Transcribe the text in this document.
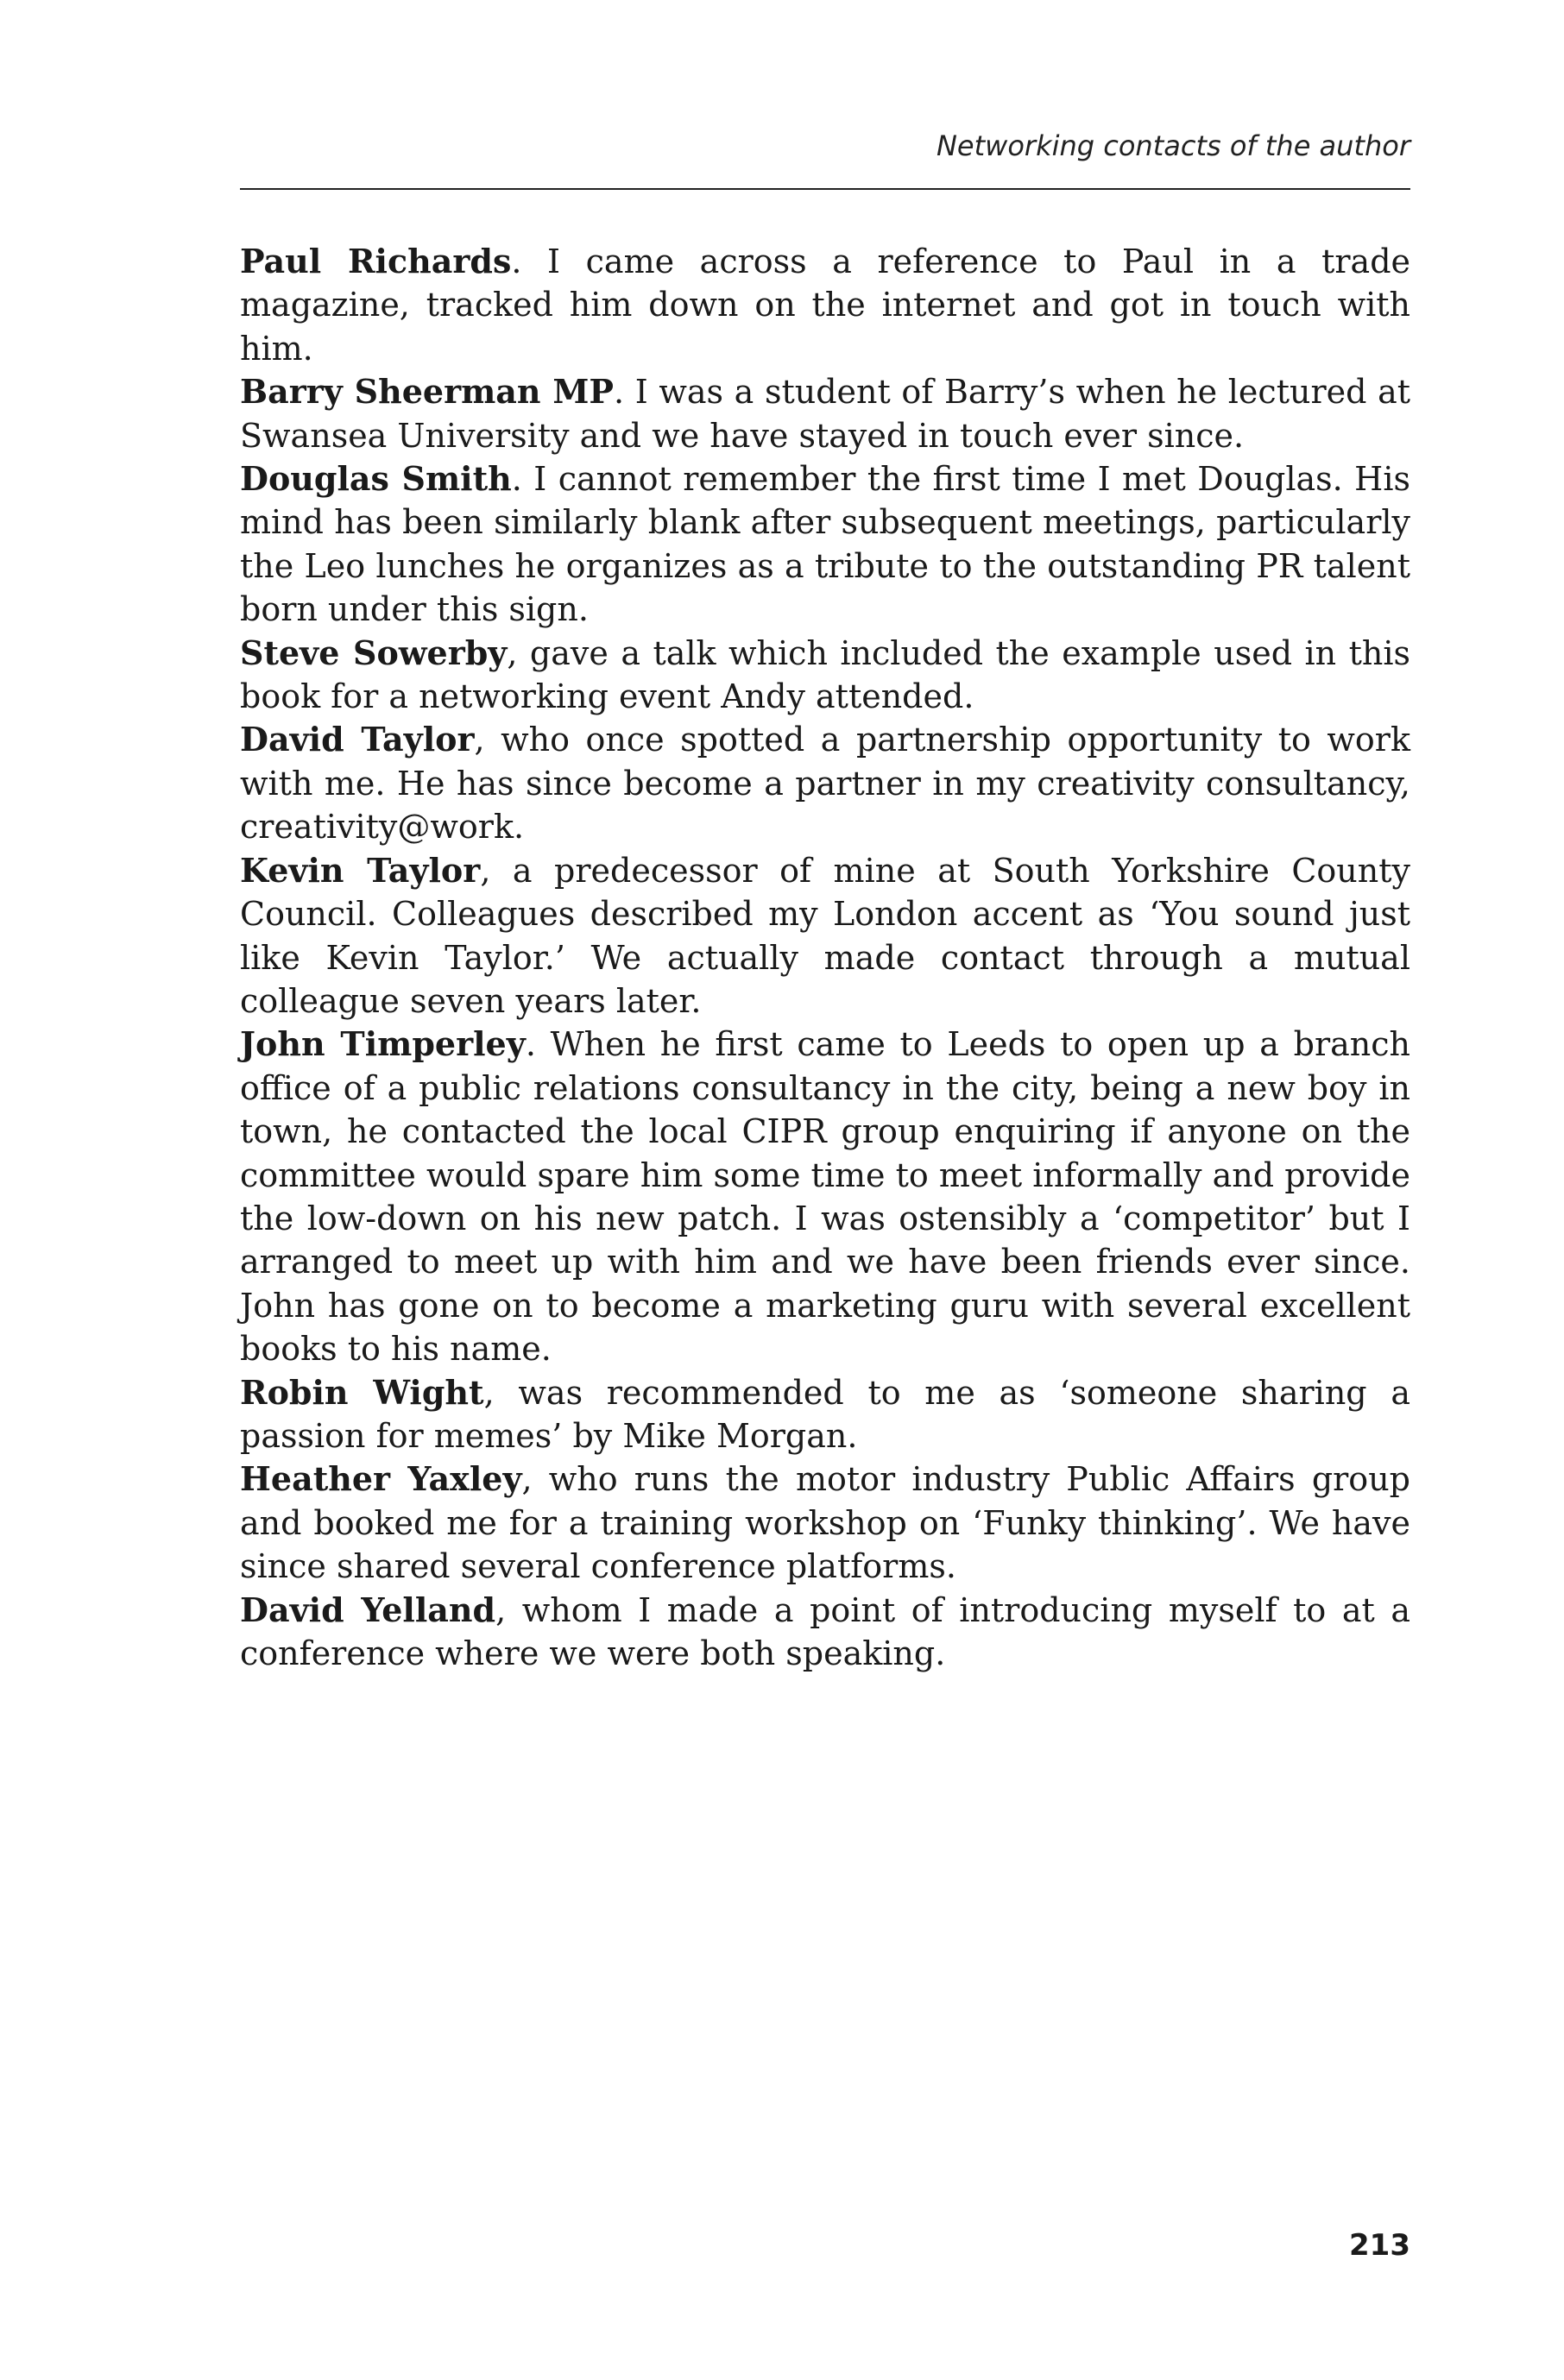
Networking contacts of the author

Paul Richards. I came across a reference to Paul in a trade magazine, tracked him down on the internet and got in touch with him.

Barry Sheerman MP. I was a student of Barry’s when he lectured at Swansea University and we have stayed in touch ever since.

Douglas Smith. I cannot remember the first time I met Douglas. His mind has been similarly blank after subsequent meetings, particularly the Leo lunches he organizes as a tribute to the outstanding PR talent born under this sign.

Steve Sowerby, gave a talk which included the example used in this book for a networking event Andy attended.

David Taylor, who once spotted a partnership opportunity to work with me. He has since become a partner in my creativity consultancy, creativity@work.

Kevin Taylor, a predecessor of mine at South Yorkshire County Council. Colleagues described my London accent as ‘You sound just like Kevin Taylor.’ We actually made contact through a mutual colleague seven years later.

John Timperley. When he first came to Leeds to open up a branch office of a public relations consultancy in the city, being a new boy in town, he contacted the local CIPR group enquiring if anyone on the committee would spare him some time to meet informally and provide the low-down on his new patch. I was ostensibly a ‘competitor’ but I arranged to meet up with him and we have been friends ever since. John has gone on to become a marketing guru with several excellent books to his name.

Robin Wight, was recommended to me as ‘someone sharing a passion for memes’ by Mike Morgan.

Heather Yaxley, who runs the motor industry Public Affairs group and booked me for a training workshop on ‘Funky thinking’. We have since shared several conference platforms.

David Yelland, whom I made a point of introducing myself to at a conference where we were both speaking.

213
